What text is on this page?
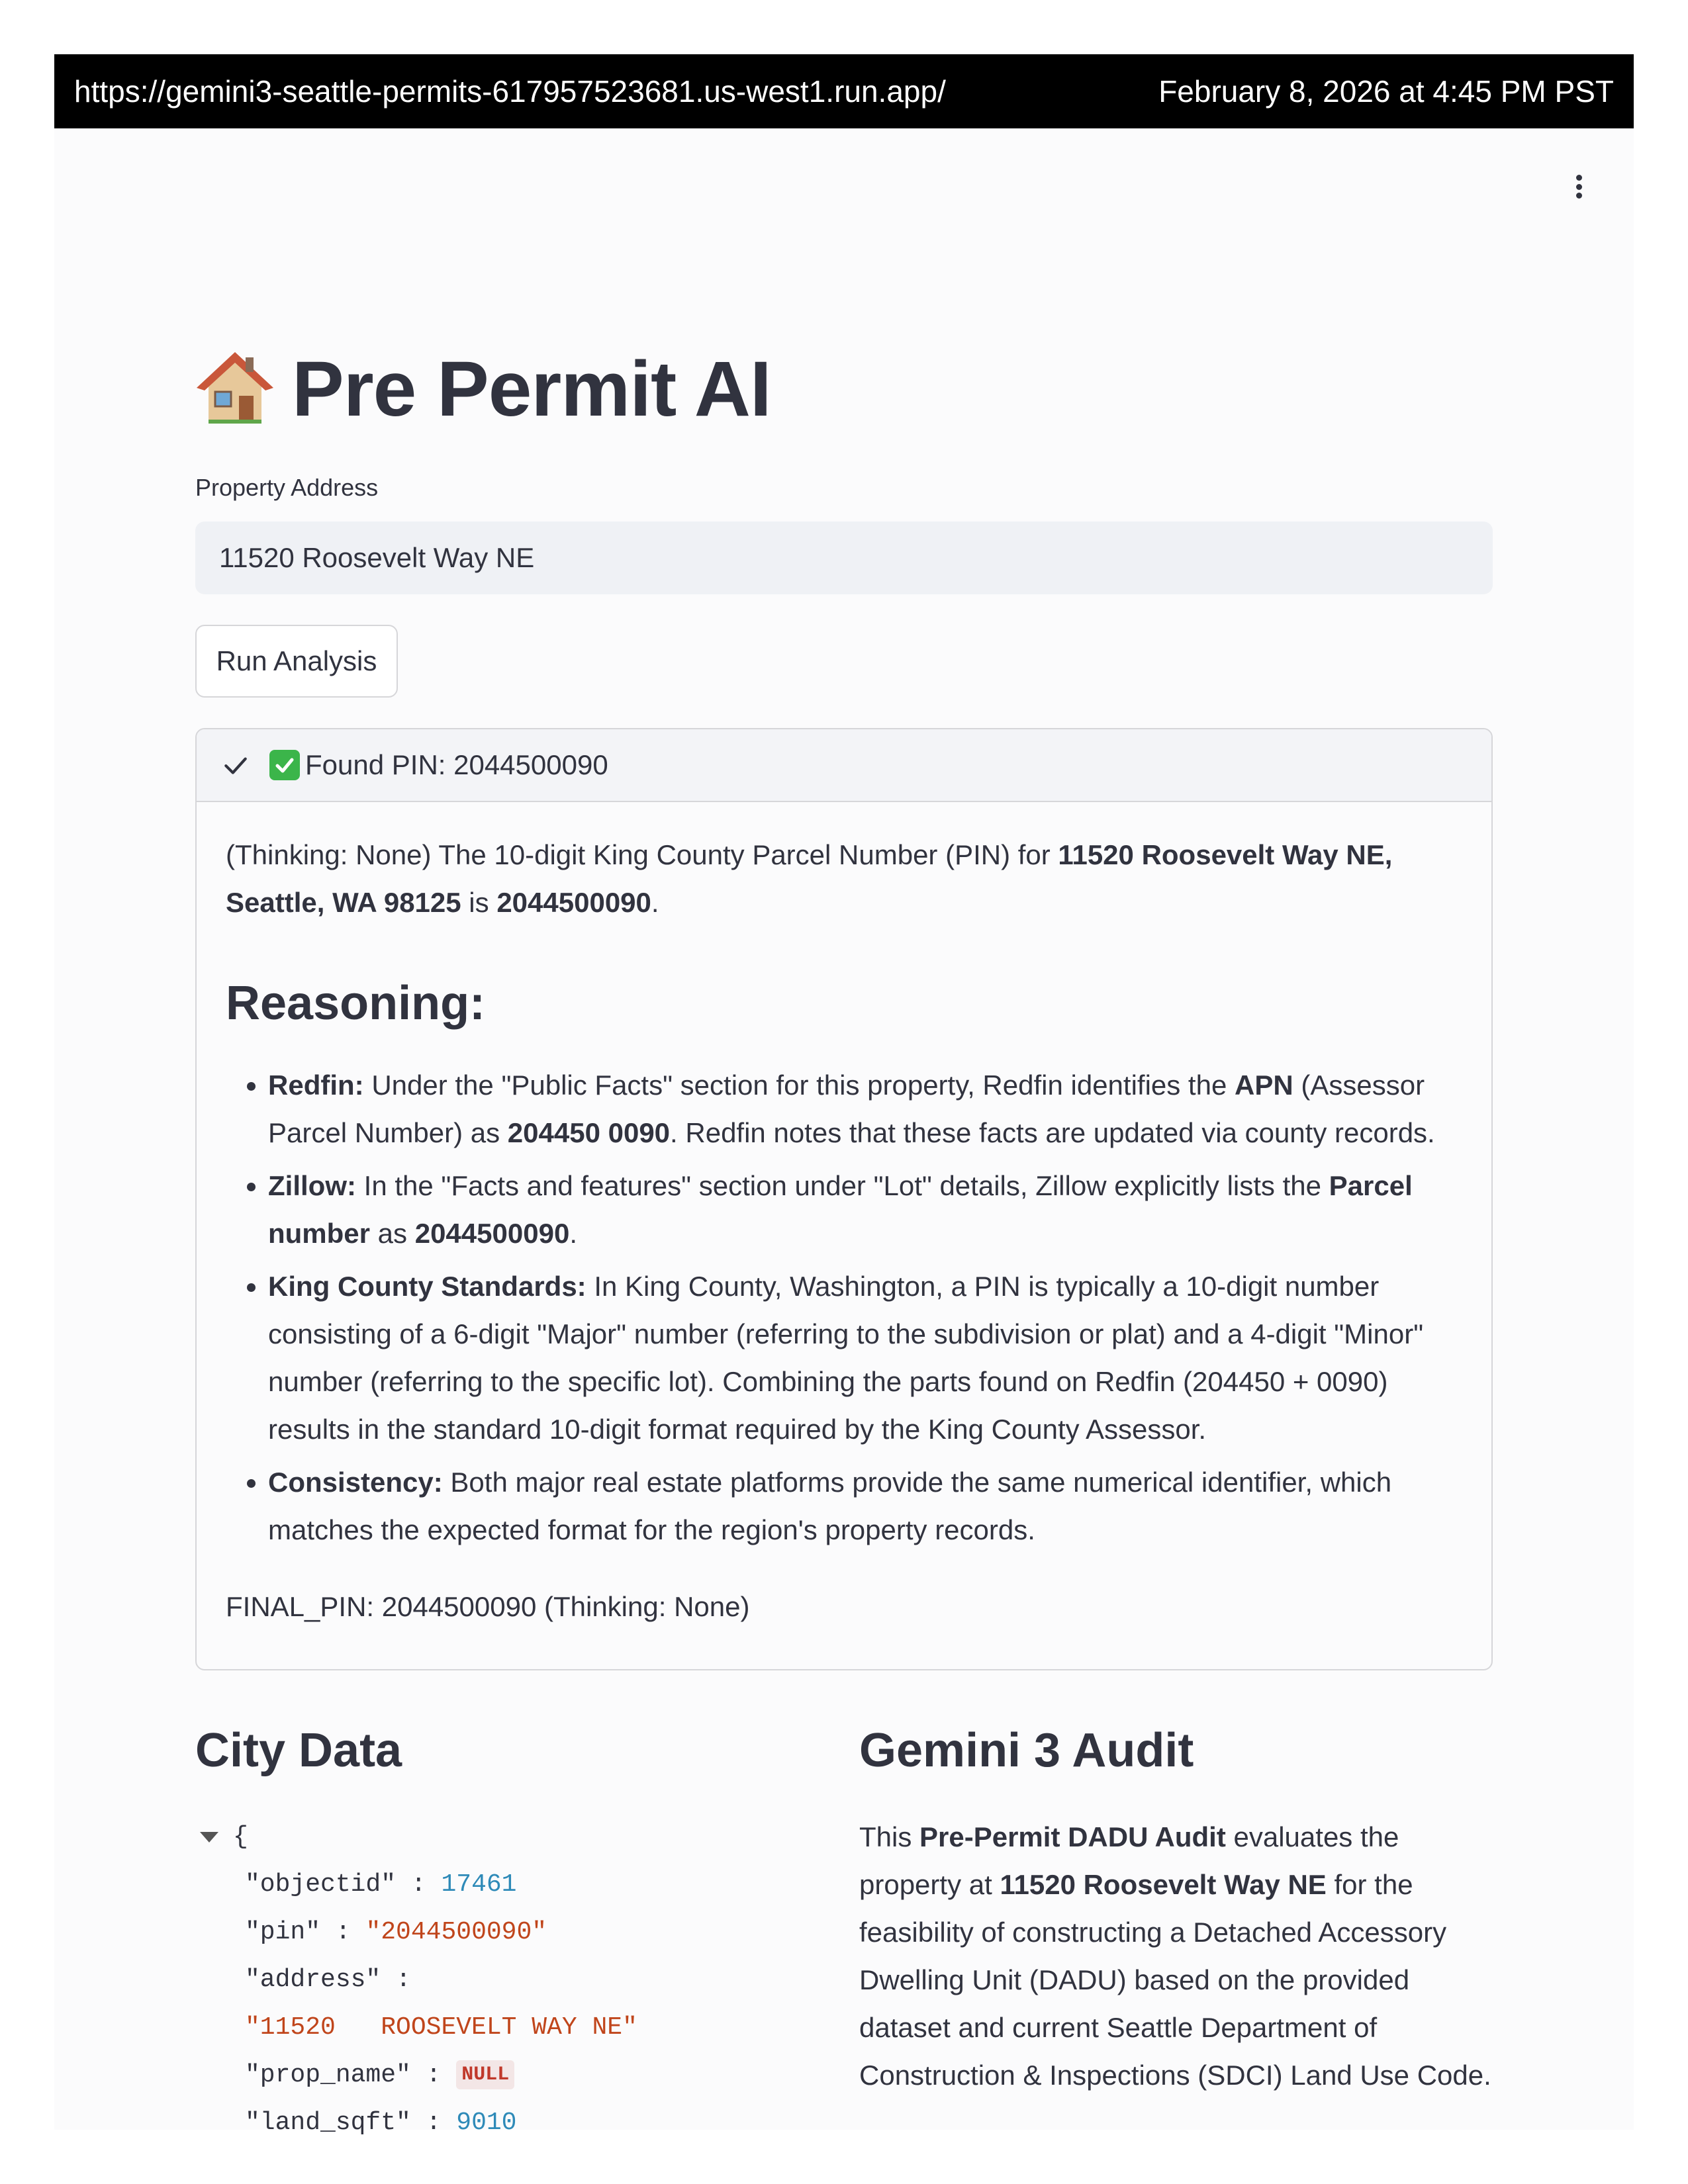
https://gemini3-seattle-permits-617957523681.us-west1.run.app/	February 8, 2026 at 4:45 PM PST
Pre Permit AI
Property Address
11520 Roosevelt Way NE
Run Analysis
Found PIN: 2044500090

(Thinking: None) The 10-digit King County Parcel Number (PIN) for 11520 Roosevelt Way NE, Seattle, WA 98125 is 2044500090.

Reasoning:
• Redfin: Under the "Public Facts" section for this property, Redfin identifies the APN (Assessor Parcel Number) as 204450 0090. Redfin notes that these facts are updated via county records.
• Zillow: In the "Facts and features" section under "Lot" details, Zillow explicitly lists the Parcel number as 2044500090.
• King County Standards: In King County, Washington, a PIN is typically a 10-digit number consisting of a 6-digit "Major" number (referring to the subdivision or plat) and a 4-digit "Minor" number (referring to the specific lot). Combining the parts found on Redfin (204450 + 0090) results in the standard 10-digit format required by the King County Assessor.
• Consistency: Both major real estate platforms provide the same numerical identifier, which matches the expected format for the region's property records.

FINAL_PIN: 2044500090 (Thinking: None)

City Data	Gemini 3 Audit
{
"objectid" : 17461
"pin" : "2044500090"
"address" :
"11520   ROOSEVELT WAY NE"
"prop_name" : NULL
"land_sqft" : 9010
This Pre-Permit DADU Audit evaluates the property at 11520 Roosevelt Way NE for the feasibility of constructing a Detached Accessory Dwelling Unit (DADU) based on the provided dataset and current Seattle Department of Construction & Inspections (SDCI) Land Use Code.
